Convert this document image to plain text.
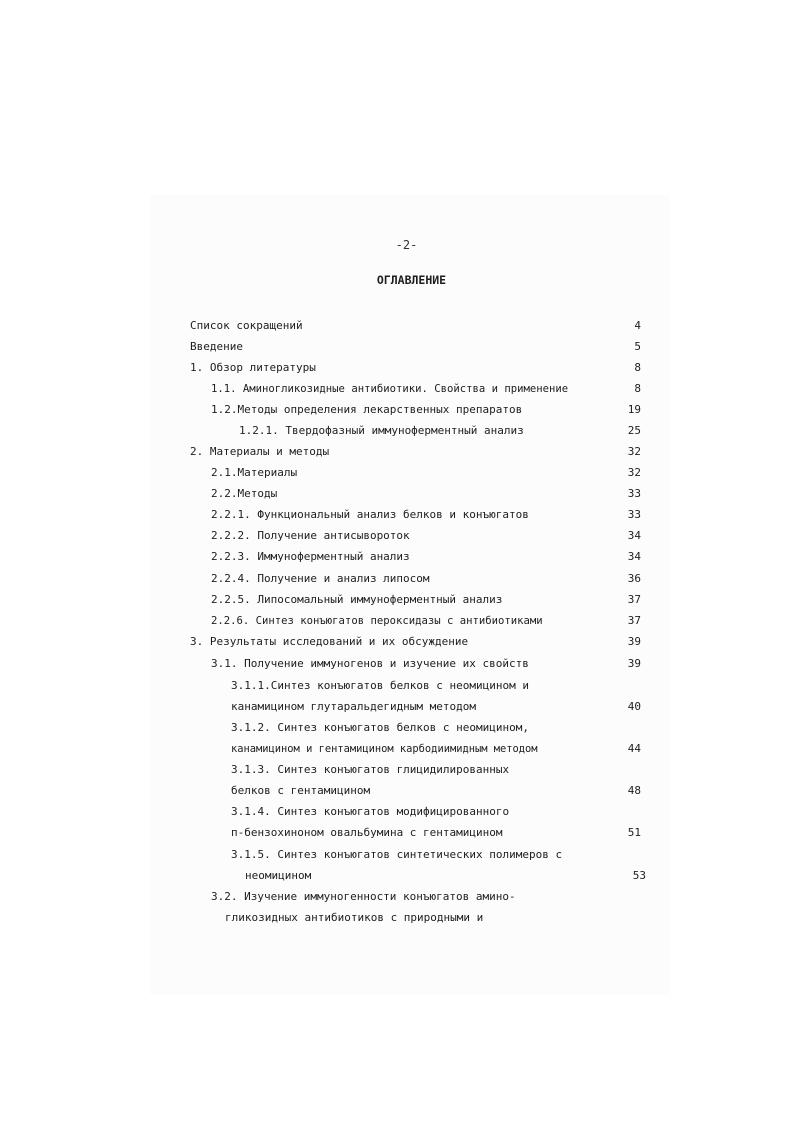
-2-
ОГЛАВЛЕНИЕ
Список сокращений	4
Введение	5
1. Обзор литературы	8
1.1. Аминогликозидные антибиотики. Свойства и применение	8
1.2.Методы определения лекарственных препаратов	19
1.2.1. Твердофазный иммуноферментный анализ	25
2. Материалы и методы	32
2.1.Материалы	32
2.2.Методы	33
2.2.1. Функциональный анализ белков и конъюгатов	33
2.2.2. Получение антисывороток	34
2.2.3. Иммуноферментный анализ	34
2.2.4. Получение и анализ липосом	36
2.2.5. Липосомальный иммуноферментный анализ	37
2.2.6. Синтез конъюгатов пероксидазы с антибиотиками	37
3. Результаты исследований и их обсуждение	39
3.1. Получение иммуногенов и изучение их свойств	39
3.1.1.Синтез конъюгатов белков с неомицином и
канамицином глутаральдегидным методом	40
3.1.2. Синтез конъюгатов белков с неомицином,
канамицином и гентамицином карбодиимидным методом	44
3.1.3. Синтез конъюгатов глицидилированных
белков с гентамицином	48
3.1.4. Синтез конъюгатов модифицированного
п-бензохиноном овальбумина с гентамицином	51
3.1.5. Синтез конъюгатов синтетических полимеров с
неомицином	53
3.2. Изучение иммуногенности конъюгатов амино-
гликозидных антибиотиков с природными и
